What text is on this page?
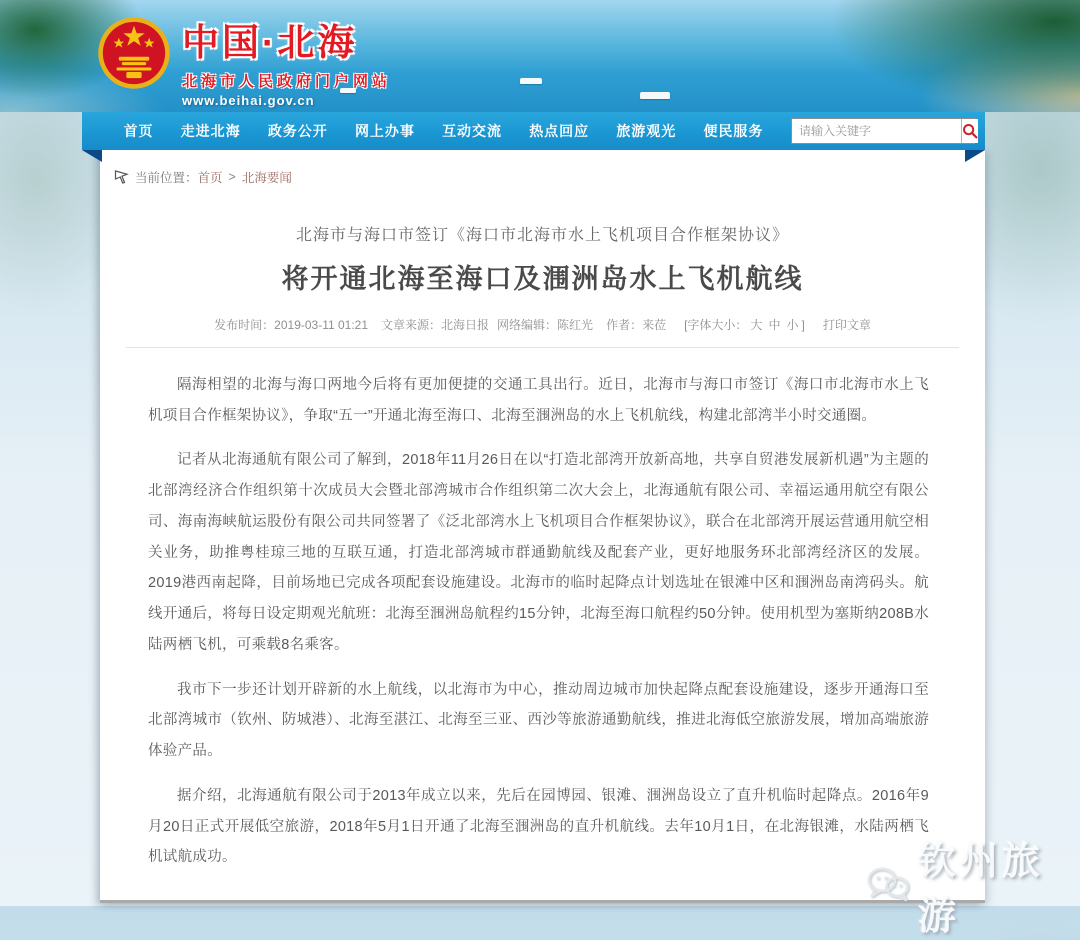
中国·北海
北海市人民政府门户网站
www.beihai.gov.cn
首页 走进北海 政务公开 网上办事 互动交流 热点回应 旅游观光 便民服务
请输入关键字
当前位置： 首页 > 北海要闻
北海市与海口市签订《海口市北海市水上飞机项目合作框架协议》
将开通北海至海口及涠洲岛水上飞机航线
发布时间：2019-03-11 01:21 文章来源：北海日报 网络编辑：陈红光 作者：来莅 [字体大小： 大 中 小 ] 打印文章

隔海相望的北海与海口两地今后将有更加便捷的交通工具出行。近日，北海市与海口市签订《海口市北海市水上飞机项目合作框架协议》，争取“五一”开通北海至海口、北海至涠洲岛的水上飞机航线，构建北部湾半小时交通圈。

记者从北海通航有限公司了解到，2018年11月26日在以“打造北部湾开放新高地，共享自贸港发展新机遇”为主题的北部湾经济合作组织第十次成员大会暨北部湾城市合作组织第二次大会上，北海通航有限公司、幸福运通用航空有限公司、海南海峡航运股份有限公司共同签署了《泛北部湾水上飞机项目合作框架协议》，联合在北部湾开展运营通用航空相关业务，助推粤桂琼三地的互联互通，打造北部湾城市群通勤航线及配套产业，更好地服务环北部湾经济区的发展。2019港西南起降，目前场地已完成各项配套设施建设。北海市的临时起降点计划选址在银滩中区和涠洲岛南湾码头。航线开通后，将每日设定期观光航班：北海至涠洲岛航程约15分钟，北海至海口航程约50分钟。使用机型为塞斯纳208B水陆两栖飞机，可乘载8名乘客。

我市下一步还计划开辟新的水上航线，以北海市为中心，推动周边城市加快起降点配套设施建设，逐步开通海口至北部湾城市（钦州、防城港）、北海至湛江、北海至三亚、西沙等旅游通勤航线，推进北海低空旅游发展，增加高端旅游体验产品。

据介绍，北海通航有限公司于2013年成立以来，先后在园博园、银滩、涠洲岛设立了直升机临时起降点。2016年9月20日正式开展低空旅游，2018年5月1日开通了北海至涠洲岛的直升机航线。去年10月1日，在北海银滩，水陆两栖飞机试航成功。	钦州旅游
